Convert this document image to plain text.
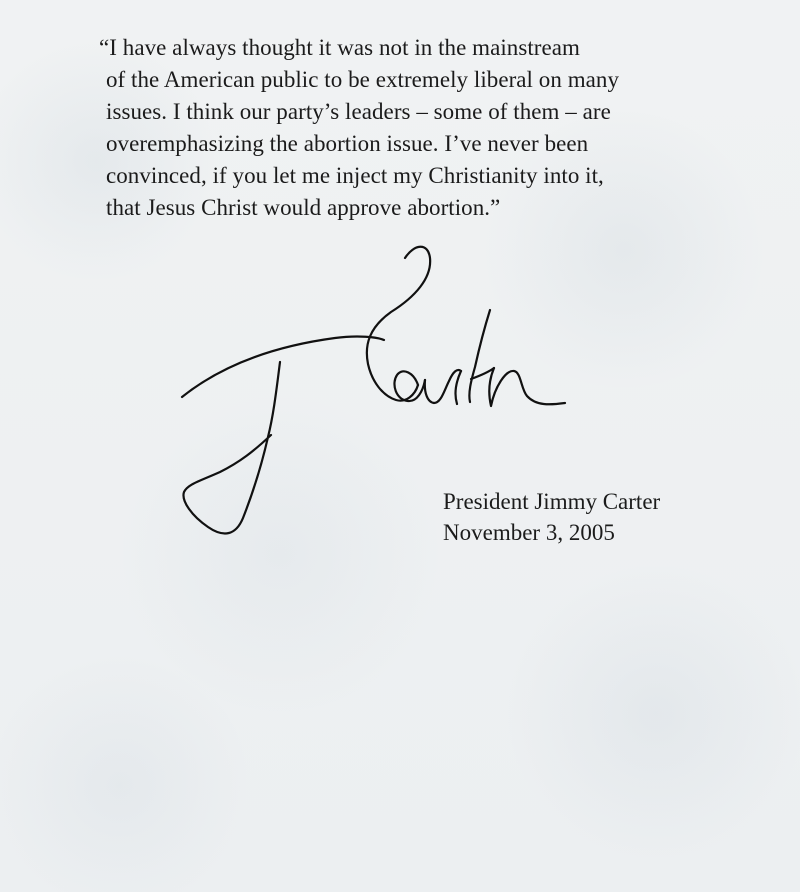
“I have always thought it was not in the mainstream

of the American public to be extremely liberal on many

issues. I think our party’s leaders – some of them – are

overemphasizing the abortion issue. I’ve never been

convinced, if you let me inject my Christianity into it,

that Jesus Christ would approve abortion.”

President Jimmy Carter

November 3, 2005
